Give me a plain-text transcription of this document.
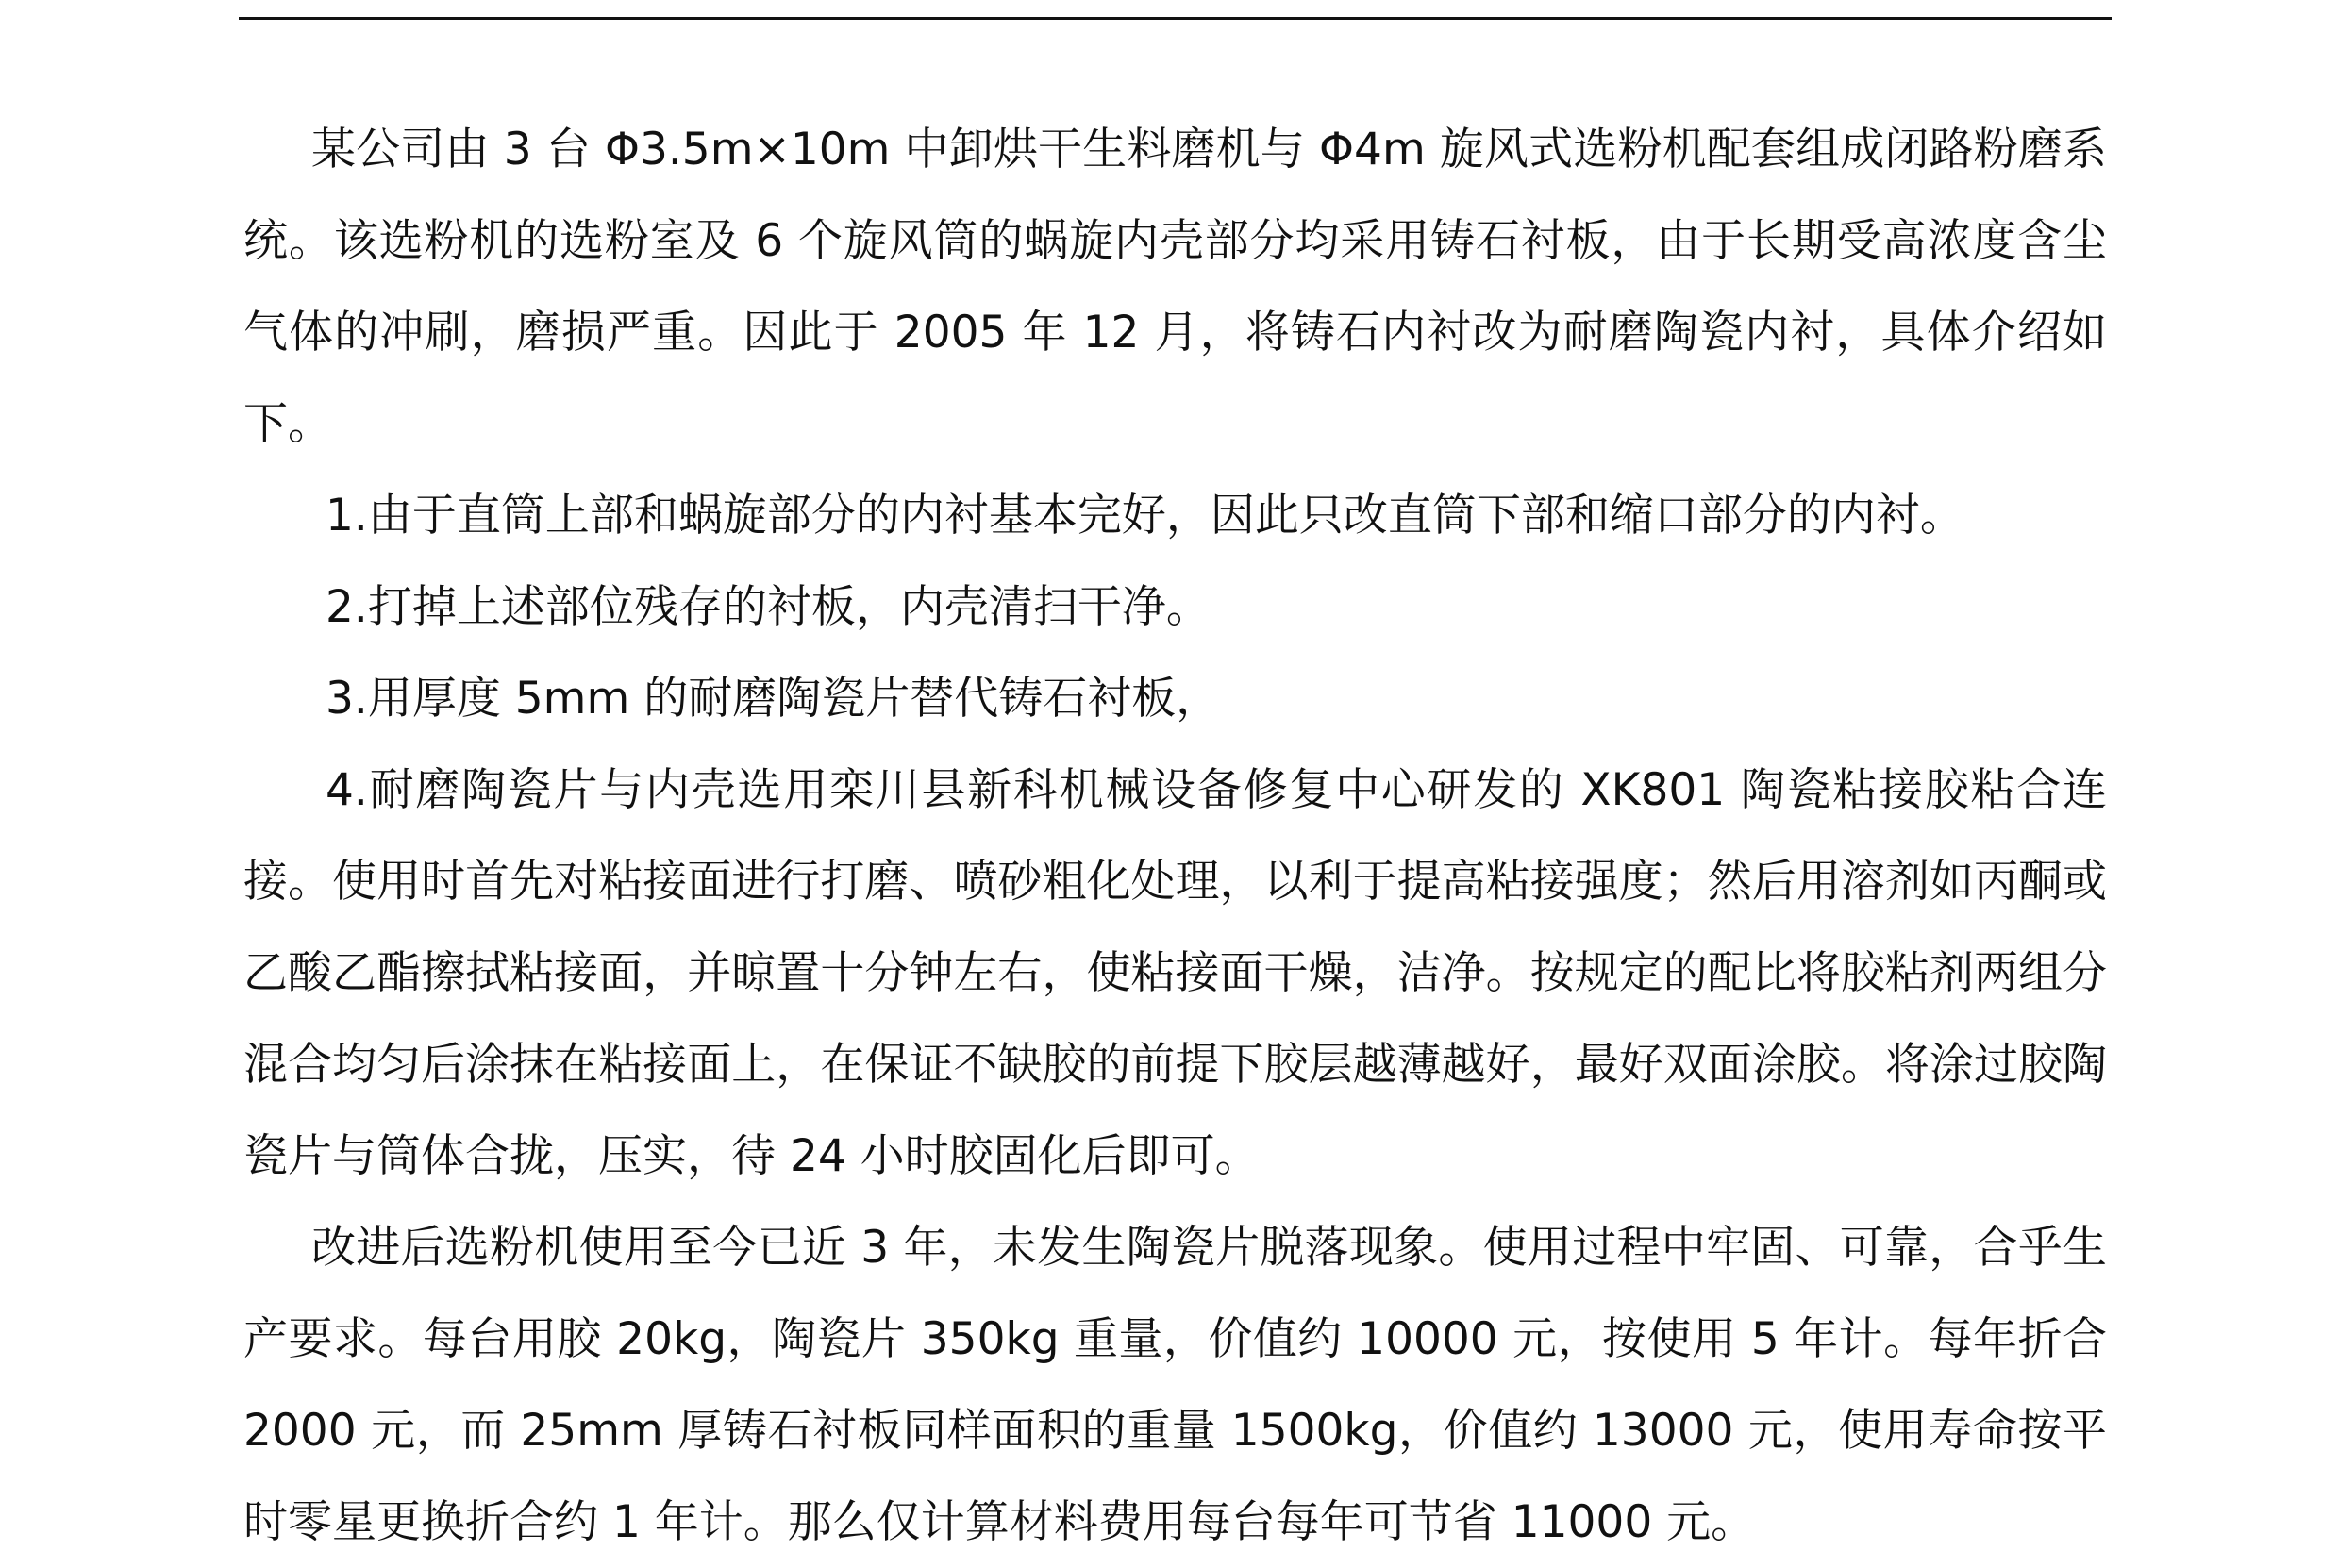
某公司由 3 台 Φ3.5m×10m 中卸烘干生料磨机与 Φ4m 旋风式选粉机配套组成闭路粉磨系统。该选粉机的选粉室及 6 个旋风筒的蜗旋内壳部分均采用铸石衬板，由于长期受高浓度含尘气体的冲刷，磨损严重。因此于 2005 年 12 月，将铸石内衬改为耐磨陶瓷内衬，具体介绍如下。

1.由于直筒上部和蜗旋部分的内衬基本完好，因此只改直筒下部和缩口部分的内衬。

2.打掉上述部位残存的衬板，内壳清扫干净。

3.用厚度 5mm 的耐磨陶瓷片替代铸石衬板，

4.耐磨陶瓷片与内壳选用栾川县新科机械设备修复中心研发的 XK801 陶瓷粘接胶粘合连接。使用时首先对粘接面进行打磨、喷砂粗化处理，以利于提高粘接强度；然后用溶剂如丙酮或乙酸乙酯擦拭粘接面，并晾置十分钟左右，使粘接面干燥，洁净。按规定的配比将胶粘剂两组分混合均匀后涂抹在粘接面上，在保证不缺胶的前提下胶层越薄越好，最好双面涂胶。将涂过胶陶瓷片与筒体合拢，压实，待 24 小时胶固化后即可。

改进后选粉机使用至今已近 3 年，未发生陶瓷片脱落现象。使用过程中牢固、可靠，合乎生产要求。每台用胶 20kg，陶瓷片 350kg 重量，价值约 10000 元，按使用 5 年计。每年折合 2000 元，而 25mm 厚铸石衬板同样面积的重量 1500kg，价值约 13000 元，使用寿命按平时零星更换折合约 1 年计。那么仅计算材料费用每台每年可节省 11000 元。
